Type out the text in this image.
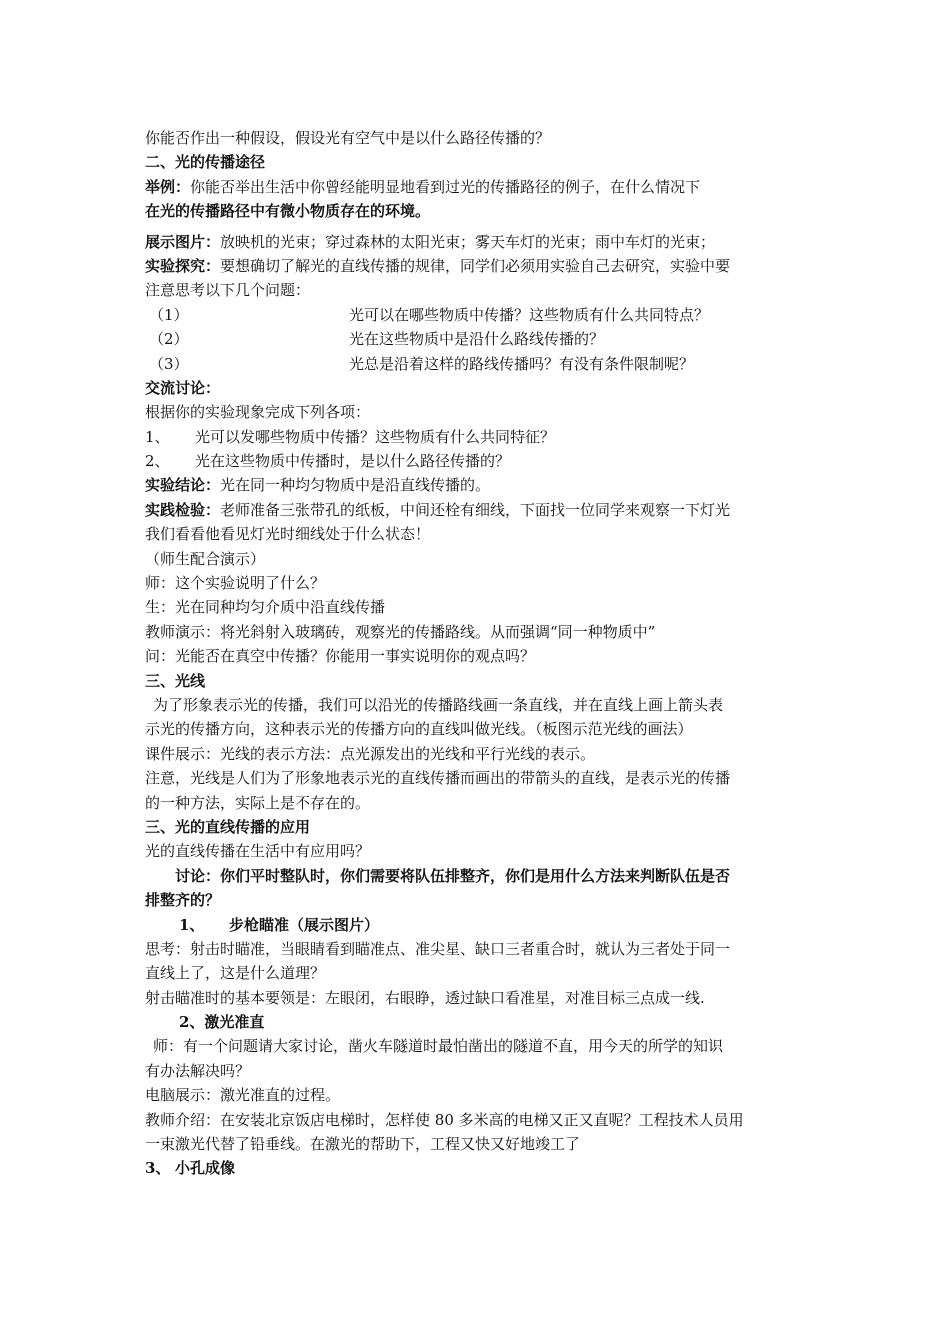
你能否作出一种假设，假设光有空气中是以什么路径传播的？
二、光的传播途径
举例：你能否举出生活中你曾经能明显地看到过光的传播路径的例子，在什么情况下
在光的传播路径中有微小物质存在的环境。
展示图片：放映机的光束；穿过森林的太阳光束；雾天车灯的光束；雨中车灯的光束；
实验探究：要想确切了解光的直线传播的规律，同学们必须用实验自己去研究，实验中要
注意思考以下几个问题：
（1）	光可以在哪些物质中传播？这些物质有什么共同特点？
（2）	光在这些物质中是沿什么路线传播的？
（3）	光总是沿着这样的路线传播吗？有没有条件限制呢？
交流讨论：
根据你的实验现象完成下列各项：
1、	光可以发哪些物质中传播？这些物质有什么共同特征？
2、	光在这些物质中传播时，是以什么路径传播的？
实验结论：光在同一种均匀物质中是沿直线传播的。
实践检验：老师准备三张带孔的纸板，中间还栓有细线，下面找一位同学来观察一下灯光
我们看看他看见灯光时细线处于什么状态！
（师生配合演示）
师：这个实验说明了什么？
生：光在同种均匀介质中沿直线传播
教师演示：将光斜射入玻璃砖，观察光的传播路线。从而强调“同一种物质中”
问：光能否在真空中传播？你能用一事实说明你的观点吗？
三、光线
为了形象表示光的传播，我们可以沿光的传播路线画一条直线，并在直线上画上箭头表
示光的传播方向，这种表示光的传播方向的直线叫做光线。（板图示范光线的画法）
课件展示：光线的表示方法：点光源发出的光线和平行光线的表示。
注意，光线是人们为了形象地表示光的直线传播而画出的带箭头的直线，是表示光的传播
的一种方法，实际上是不存在的。
三、光的直线传播的应用
光的直线传播在生活中有应用吗？
讨论：你们平时整队时，你们需要将队伍排整齐，你们是用什么方法来判断队伍是否
排整齐的？
1、	步枪瞄准（展示图片）
思考：射击时瞄准，当眼睛看到瞄准点、准尖星、缺口三者重合时，就认为三者处于同一
直线上了，这是什么道理？
射击瞄准时的基本要领是：左眼闭，右眼睁，透过缺口看准星，对准目标三点成一线.
2、激光准直
师：有一个问题请大家讨论，凿火车隧道时最怕凿出的隧道不直，用今天的所学的知识
有办法解决吗？
电脑展示：激光准直的过程。
教师介绍：在安装北京饭店电梯时，怎样使 80 多米高的电梯又正又直呢？工程技术人员用
一束激光代替了铅垂线。在激光的帮助下，工程又快又好地竣工了
3、 小孔成像
